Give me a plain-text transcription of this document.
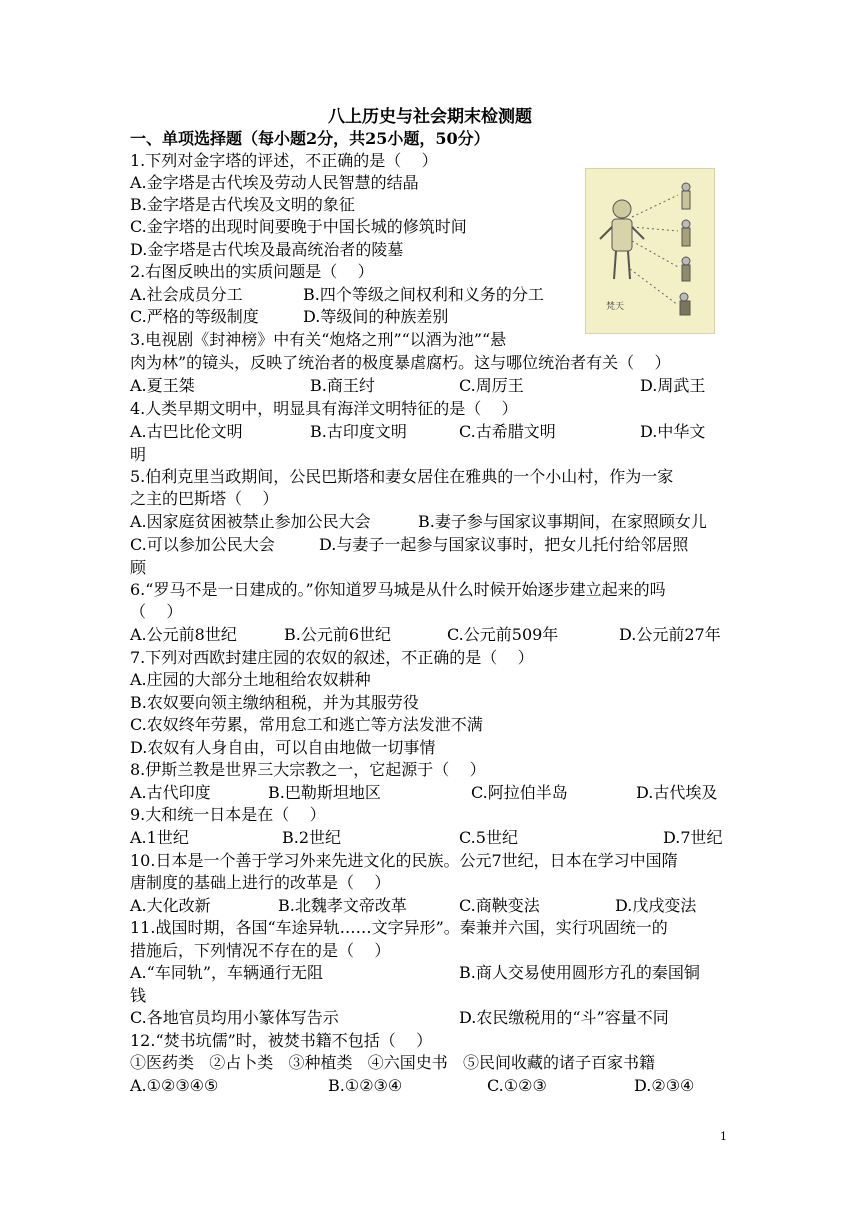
八上历史与社会期末检测题
一、单项选择题（每小题2分，共25小题，50分）
1.下列对金字塔的评述，不正确的是（    ）
A.金字塔是古代埃及劳动人民智慧的结晶
B.金字塔是古代埃及文明的象征
C.金字塔的出现时间要晚于中国长城的修筑时间
D.金字塔是古代埃及最高统治者的陵墓
2.右图反映出的实质问题是（    ）
A.社会成员分工	B.四个等级之间权利和义务的分工
C.严格的等级制度	D.等级间的种族差别	梵天
3.电视剧《封神榜》中有关“炮烙之刑”“以酒为池”“悬
肉为林”的镜头，反映了统治者的极度暴虐腐朽。这与哪位统治者有关（    ）
A.夏王桀	B.商王纣	C.周厉王	D.周武王
4.人类早期文明中，明显具有海洋文明特征的是（    ）
A.古巴比伦文明	B.古印度文明	C.古希腊文明	D.中华文
明
5.伯利克里当政期间，公民巴斯塔和妻女居住在雅典的一个小山村，作为一家
之主的巴斯塔（    ）
A.因家庭贫困被禁止参加公民大会	B.妻子参与国家议事期间，在家照顾女儿
C.可以参加公民大会	D.与妻子一起参与国家议事时，把女儿托付给邻居照
顾
6.“罗马不是一日建成的。”你知道罗马城是从什么时候开始逐步建立起来的吗
（    ）
A.公元前8世纪	B.公元前6世纪	C.公元前509年	D.公元前27年
7.下列对西欧封建庄园的农奴的叙述，不正确的是（    ）
A.庄园的大部分土地租给农奴耕种
B.农奴要向领主缴纳租税，并为其服劳役
C.农奴终年劳累，常用怠工和逃亡等方法发泄不满
D.农奴有人身自由，可以自由地做一切事情
8.伊斯兰教是世界三大宗教之一，它起源于（    ）
A.古代印度	B.巴勒斯坦地区	C.阿拉伯半岛	D.古代埃及
9.大和统一日本是在（    ）
A.1世纪	B.2世纪	C.5世纪	D.7世纪
10.日本是一个善于学习外来先进文化的民族。公元7世纪，日本在学习中国隋
唐制度的基础上进行的改革是（    ）
A.大化改新	B.北魏孝文帝改革	C.商鞅变法	D.戊戌变法
11.战国时期，各国“车途异轨……文字异形”。秦兼并六国，实行巩固统一的
措施后，下列情况不存在的是（    ）
A.“车同轨”，车辆通行无阻	B.商人交易使用圆形方孔的秦国铜
钱
C.各地官员均用小篆体写告示	D.农民缴税用的“斗”容量不同
12.“焚书坑儒”时，被焚书籍不包括（    ）
①医药类   ②占卜类   ③种植类   ④六国史书   ⑤民间收藏的诸子百家书籍
A.①②③④⑤	B.①②③④	C.①②③	D.②③④
1
